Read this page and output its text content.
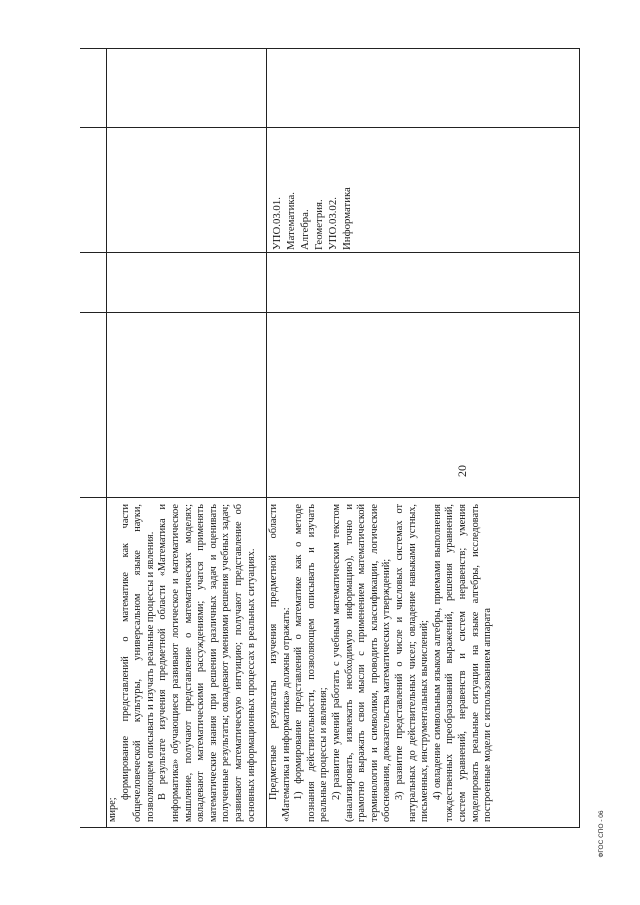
мире;

формирование представлений о математике как части общечеловеческой культуры, универсальном языке науки, позволяющем описывать и изучать реальные процессы и явления. В результате изучения предметной области «Математика и информатика» обучающиеся развивают логическое и математическое мышление, получают представление о математических моделях; овладевают математическими рассуждениями; учатся применять математические знания при решении различных задач и оценивать полученные результаты; овладевают умениями решения учебных задач; развивают математическую интуицию; получают представление об основных информационных процессах в реальных ситуациях. Предметные результаты изучения предметной области «Математика и информатика» должны отражать: 1) формирование представлений о математике как о методе познания действительности, позволяющем описывать и изучать реальные процессы и явления; 2) развитие умений работать с учебным математическим текстом (анализировать, извлекать необходимую информацию), точно и грамотно выражать свои мысли с применением математической терминологии и символики, проводить классификации, логические обоснования, доказательства математических утверждений; 3) развитие представлений о числе и числовых системах от натуральных до действительных чисел; овладение навыками устных, письменных, инструментальных вычислений; 4) овладение символьным языком алгебры, приемами выполнения тождественных преобразований выражений, решения уравнений, систем уравнений, неравенств и систем неравенств; умения моделировать реальные ситуации на языке алгебры, исследовать построенные модели с использованием аппарата

УПО.03.01. Математика. Алгебра. Геометрия. УПО.03.02. Информатика
20
ФГОС СПО - 06
